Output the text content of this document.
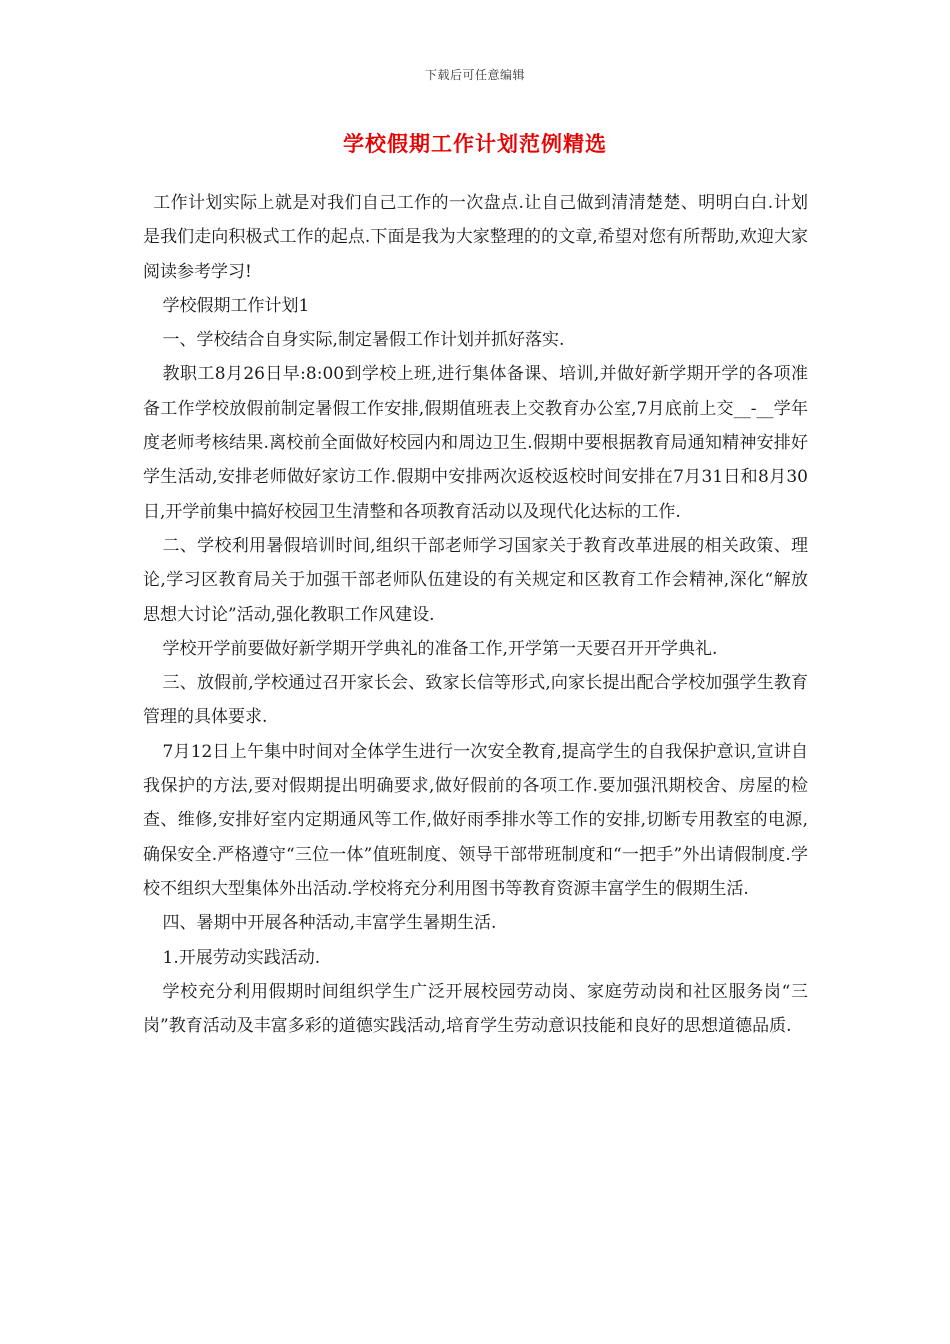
下载后可任意编辑
学校假期工作计划范例精选

工作计划实际上就是对我们自己工作的一次盘点.让自己做到清清楚楚、明明白白.计划是我们走向积极式工作的起点.下面是我为大家整理的的文章,希望对您有所帮助,欢迎大家阅读参考学习!

学校假期工作计划1

一、学校结合自身实际,制定暑假工作计划并抓好落实.

教职工8月26日早:8:00到学校上班,进行集体备课、培训,并做好新学期开学的各项准备工作学校放假前制定暑假工作安排,假期值班表上交教育办公室,7月底前上交__-__学年度老师考核结果.离校前全面做好校园内和周边卫生.假期中要根据教育局通知精神安排好学生活动,安排老师做好家访工作.假期中安排两次返校返校时间安排在7月31日和8月30日,开学前集中搞好校园卫生清整和各项教育活动以及现代化达标的工作.

二、学校利用暑假培训时间,组织干部老师学习国家关于教育改革进展的相关政策、理论,学习区教育局关于加强干部老师队伍建设的有关规定和区教育工作会精神,深化“解放思想大讨论”活动,强化教职工作风建设.

学校开学前要做好新学期开学典礼的准备工作,开学第一天要召开开学典礼.

三、放假前,学校通过召开家长会、致家长信等形式,向家长提出配合学校加强学生教育管理的具体要求.

7月12日上午集中时间对全体学生进行一次安全教育,提高学生的自我保护意识,宣讲自我保护的方法,要对假期提出明确要求,做好假前的各项工作.要加强汛期校舍、房屋的检查、维修,安排好室内定期通风等工作,做好雨季排水等工作的安排,切断专用教室的电源,确保安全.严格遵守“三位一体”值班制度、领导干部带班制度和“一把手”外出请假制度.学校不组织大型集体外出活动.学校将充分利用图书等教育资源丰富学生的假期生活.

四、暑期中开展各种活动,丰富学生暑期生活.

1.开展劳动实践活动.

学校充分利用假期时间组织学生广泛开展校园劳动岗、家庭劳动岗和社区服务岗“三岗”教育活动及丰富多彩的道德实践活动,培育学生劳动意识技能和良好的思想道德品质.
